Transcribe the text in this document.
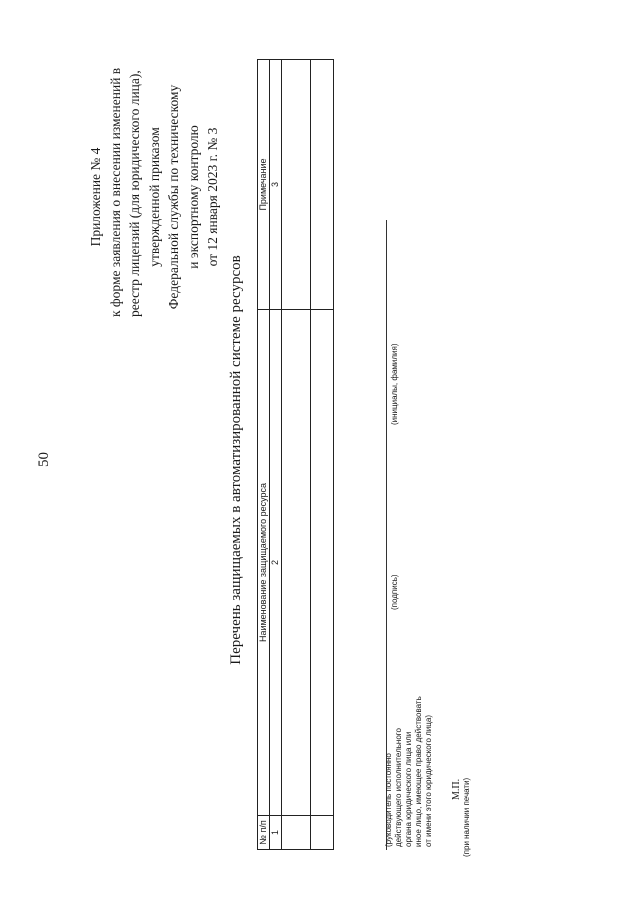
50
Приложение № 4 к форме заявления о внесении изменений в реестр лицензий (для юридического лица), утвержденной приказом Федеральной службы по техническому и экспортному контролю от 12 января 2023 г. № 3
Перечень защищаемых в автоматизированной системе ресурсов
№ п/п	Наименование защищаемого ресурса	Примечание
1	2	3

(руководитель постоянно действующего исполнительного органа юридического лица или иное лицо, имеющее право действовать от имени этого юридического лица)
(подпись)
(инициалы, фамилия)
М.П. (при наличии печати)
